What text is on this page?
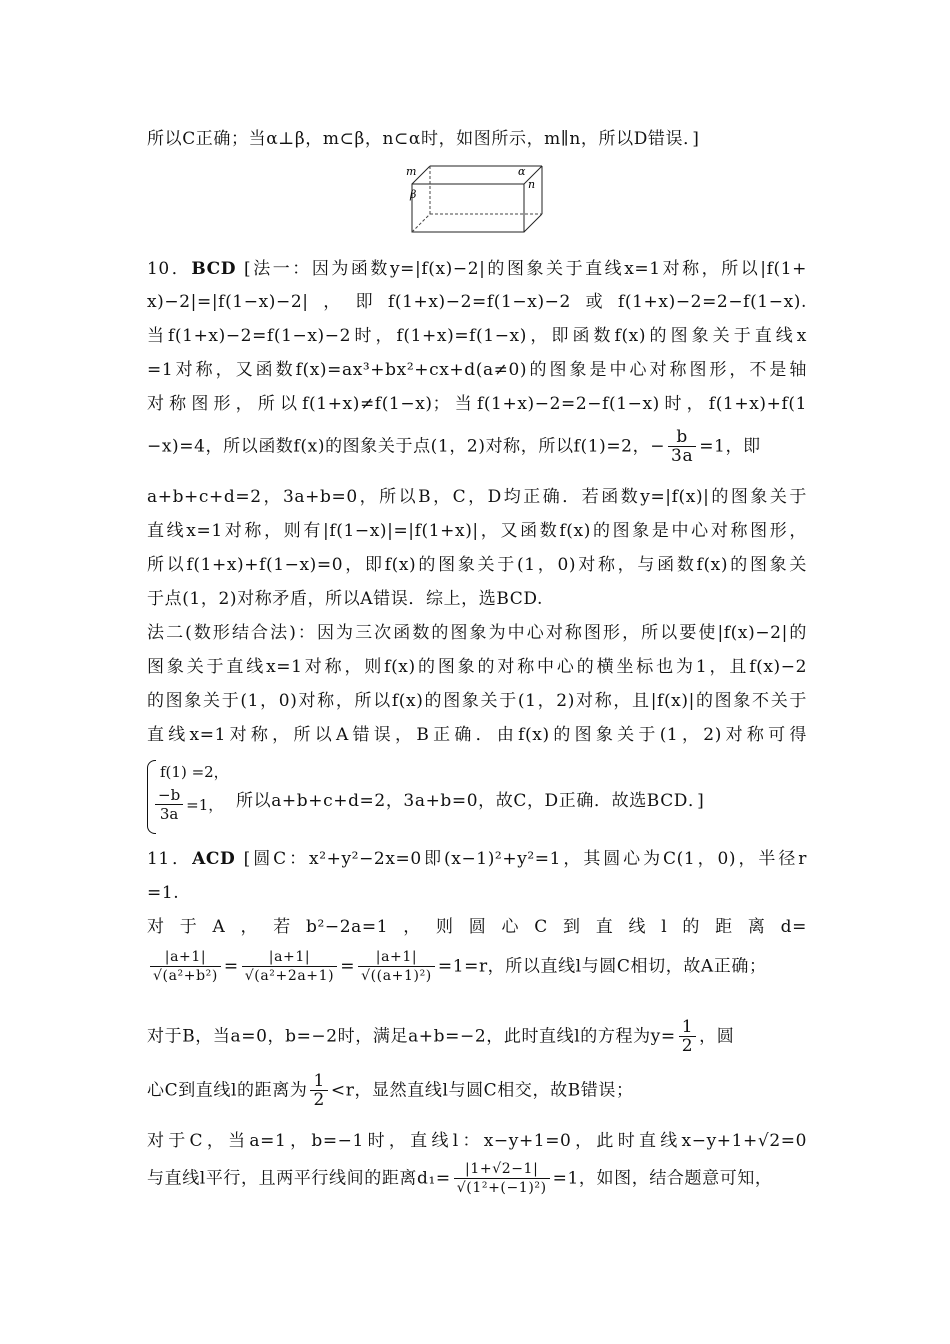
所以C正确；当α⊥β，m⊂β，n⊂α时，如图所示，m∥n，所以D错误．]
m
β
α
n
10．BCD [法一：因为函数y=|f(x)−2|的图象关于直线x=1对称，所以|f(1+
x)−2|=|f(1−x)−2|，即f(1+x)−2=f(1−x)−2或f(1+x)−2=2−f(1−x).
当f(1+x)−2=f(1−x)−2时，f(1+x)=f(1−x)，即函数f(x)的图象关于直线x
=1对称，又函数f(x)=ax³+bx²+cx+d(a≠0)的图象是中心对称图形，不是轴
对称图形，所以f(1+x)≠f(1−x)；当f(1+x)−2=2−f(1−x)时，f(1+x)+f(1
−x)=4，所以函数f(x)的图象关于点(1，2)对称，所以f(1)=2，− $\frac{b}{3a} =1$，即
a+b+c+d=2，3a+b=0，所以B，C，D均正确．若函数y=|f(x)|的图象关于
直线x=1对称，则有|f(1−x)|=|f(1+x)|，又函数f(x)的图象是中心对称图形，
所以f(1+x)+f(1−x)=0，即f(x)的图象关于(1，0)对称，与函数f(x)的图象关
于点(1，2)对称矛盾，所以A错误．综上，选BCD.
法二(数形结合法)：因为三次函数的图象为中心对称图形，所以要使|f(x)−2|的
图象关于直线x=1对称，则f(x)的图象的对称中心的横坐标也为1，且f(x)−2
的图象关于(1，0)对称，所以f(x)的图象关于(1，2)对称，且|f(x)|的图象不关于
直线x=1对称，所以A错误，B正确．由f(x)的图象关于(1，2)对称可得
f(1) =2，
$\frac{-b}{3a} =1$， 所以a+b+c+d=2，3a+b=0，故C，D正确．故选BCD．]
11．ACD [圆C：x²+y²−2x=0即(x−1)²+y²=1，其圆心为C(1，0)，半径r
=1.
对于A，若b²−2a=1，则圆心C到直线l的距离d=
$\frac{|a+1|}{\text{√(a²+b²)}} = \frac{|a+1|}{\text{√(a²+2a+1)}} = \frac{|a+1|}{\text{√((a+1)²)}} =1=r$，所以直线l与圆C相切，故A正确；
对于B，当a=0，b=−2时，满足a+b=−2，此时直线l的方程为$y= \frac{1}{2}$ ，圆
心C到直线l的距离为 $\frac{1}{2} <r$，显然直线l与圆C相交，故B错误；
对于C，当a=1，b=−1时，直线l：x−y+1=0，此时直线x−y+1+√2=0
与直线l平行，且两平行线间的距离$d_1= \frac{|1+√2-1|}{\text{√(1²+(−1)²)}} =1$，如图，结合题意可知，
